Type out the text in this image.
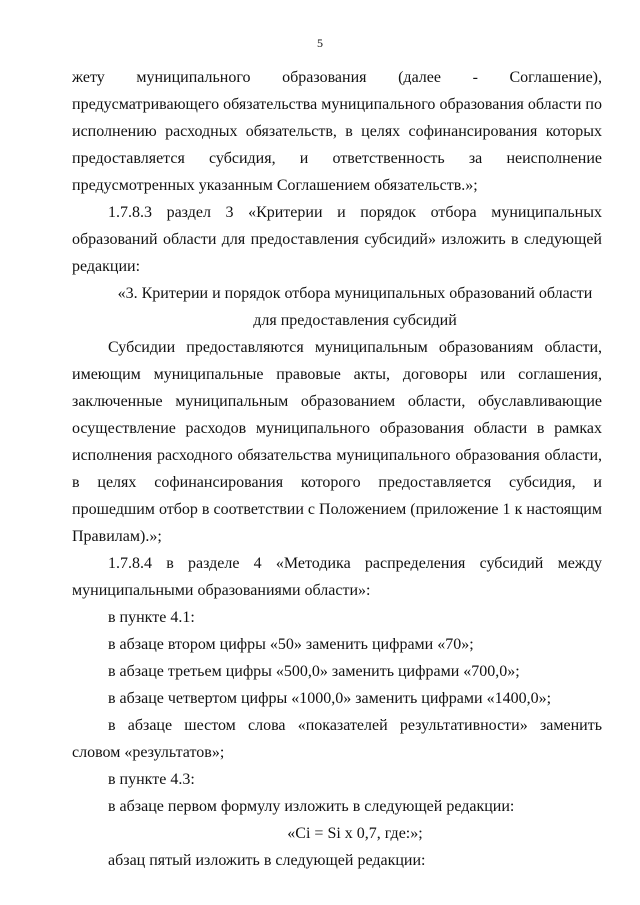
5

жету муниципального образования (далее - Соглашение), предусматривающего обязательства муниципального образования области по исполнению расходных обязательств, в целях софинансирования которых предоставляется субсидия, и ответственность за неисполнение предусмотренных указанным Соглашением обязательств.»;

1.7.8.3 раздел 3 «Критерии и порядок отбора муниципальных образований области для предоставления субсидий» изложить в следующей редакции:

«3. Критерии и порядок отбора муниципальных образований области для предоставления субсидий

Субсидии предоставляются муниципальным образованиям области, имеющим муниципальные правовые акты, договоры или соглашения, заключенные муниципальным образованием области, обуславливающие осуществление расходов муниципального образования области в рамках исполнения расходного обязательства муниципального образования области, в целях софинансирования которого предоставляется субсидия, и прошедшим отбор в соответствии с Положением (приложение 1 к настоящим Правилам).»;

1.7.8.4 в разделе 4 «Методика распределения субсидий между муниципальными образованиями области»:

в пункте 4.1:

в абзаце втором цифры «50» заменить цифрами «70»;

в абзаце третьем цифры «500,0» заменить цифрами «700,0»;

в абзаце четвертом цифры «1000,0» заменить цифрами «1400,0»;

в абзаце шестом слова «показателей результативности» заменить словом «результатов»;

в пункте 4.3:

в абзаце первом формулу изложить в следующей редакции:

«Ci = Si x 0,7, где:»;

абзац пятый изложить в следующей редакции:
